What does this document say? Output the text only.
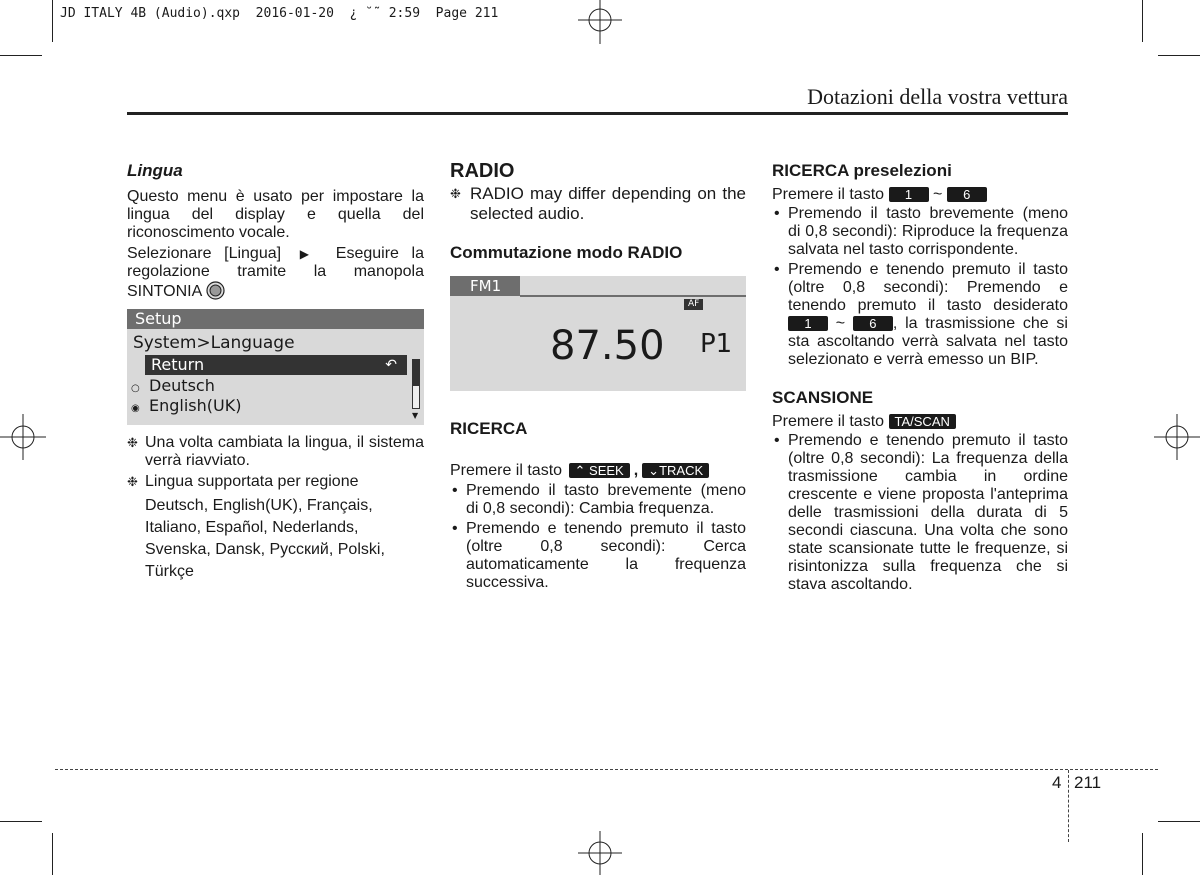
JD ITALY 4B (Audio).qxp  2016-01-20  ¿ ˘˜ 2:59  Page 211
Dotazioni della vostra vettura
Lingua
Questo menu è usato per impostare la lingua del display e quella del riconoscimento vocale.
Selezionare [Lingua] ▶ Eseguire la regolazione tramite la manopola SINTONIA
Setup
System>Language
Return	↶
○ Deutsch
◉ English(UK)
▼
❉ Una volta cambiata la lingua, il sistema verrà riavviato.
❉ Lingua supportata per regione
Deutsch, English(UK), Français,
Italiano, Español, Nederlands,
Svenska, Dansk, Русский, Polski,
Türkçe
RADIO
❉ RADIO may differ depending on the selected audio.
Commutazione modo RADIO
FM1
AF
87.50 P1
RICERCA
Premere il tasto ⌃ SEEK , ⌄TRACK
• Premendo il tasto brevemente (meno di 0,8 secondi): Cambia frequenza.
• Premendo e tenendo premuto il tasto (oltre 0,8 secondi): Cerca automaticamente la frequenza successiva.
RICERCA preselezioni
Premere il tasto 1 ~ 6
• Premendo il tasto brevemente (meno di 0,8 secondi): Riproduce la frequenza salvata nel tasto corrispondente.
• Premendo e tenendo premuto il tasto (oltre 0,8 secondi): Premendo e tenendo premuto il tasto desiderato 1 ~ 6 , la trasmissione che si sta ascoltando verrà salvata nel tasto selezionato e verrà emesso un BIP.
SCANSIONE
Premere il tasto TA/SCAN
• Premendo e tenendo premuto il tasto (oltre 0,8 secondi): La frequenza della trasmissione cambia in ordine crescente e viene proposta l'anteprima delle trasmissioni della durata di 5 secondi ciascuna. Una volta che sono state scansionate tutte le frequenze, si risintonizza sulla frequenza che si stava ascoltando.
4 211
